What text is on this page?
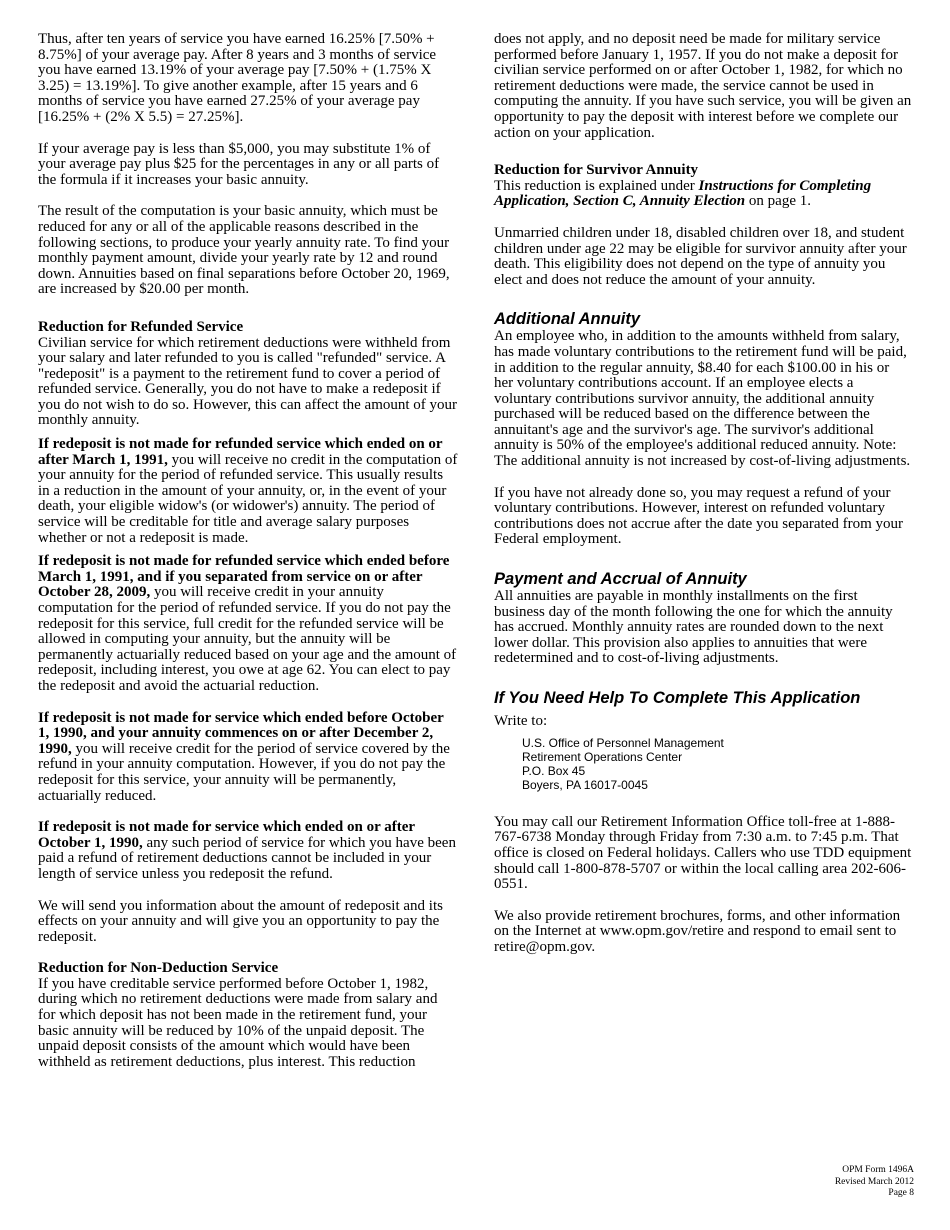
Thus, after ten years of service you have earned 16.25% [7.50% + 8.75%] of your average pay. After 8 years and 3 months of service you have earned 13.19% of your average pay [7.50% + (1.75% X 3.25) = 13.19%]. To give another example, after 15 years and 6 months of service you have earned 27.25% of your average pay [16.25% + (2% X 5.5) = 27.25%].

If your average pay is less than $5,000, you may substitute 1% of your average pay plus $25 for the percentages in any or all parts of the formula if it increases your basic annuity.

The result of the computation is your basic annuity, which must be reduced for any or all of the applicable reasons described in the following sections, to produce your yearly annuity rate. To find your monthly payment amount, divide your yearly rate by 12 and round down. Annuities based on final separations before October 20, 1969, are increased by $20.00 per month.

Reduction for Refunded Service

Civilian service for which retirement deductions were withheld from your salary and later refunded to you is called "refunded" service. A "redeposit" is a payment to the retirement fund to cover a period of refunded service. Generally, you do not have to make a redeposit if you do not wish to do so. However, this can affect the amount of your monthly annuity.

If redeposit is not made for refunded service which ended on or after March 1, 1991, you will receive no credit in the computation of your annuity for the period of refunded service. This usually results in a reduction in the amount of your annuity, or, in the event of your death, your eligible widow's (or widower's) annuity. The period of service will be creditable for title and average salary purposes whether or not a redeposit is made.

If redeposit is not made for refunded service which ended before March 1, 1991, and if you separated from service on or after October 28, 2009, you will receive credit in your annuity computation for the period of refunded service. If you do not pay the redeposit for this service, full credit for the refunded service will be allowed in computing your annuity, but the annuity will be permanently actuarially reduced based on your age and the amount of redeposit, including interest, you owe at age 62. You can elect to pay the redeposit and avoid the actuarial reduction.

If redeposit is not made for service which ended before October 1, 1990, and your annuity commences on or after December 2, 1990, you will receive credit for the period of service covered by the refund in your annuity computation. However, if you do not pay the redeposit for this service, your annuity will be permanently, actuarially reduced.

If redeposit is not made for service which ended on or after October 1, 1990, any such period of service for which you have been paid a refund of retirement deductions cannot be included in your length of service unless you redeposit the refund.

We will send you information about the amount of redeposit and its effects on your annuity and will give you an opportunity to pay the redeposit.

Reduction for Non-Deduction Service

If you have creditable service performed before October 1, 1982, during which no retirement deductions were made from salary and for which deposit has not been made in the retirement fund, your basic annuity will be reduced by 10% of the unpaid deposit. The unpaid deposit consists of the amount which would have been withheld as retirement deductions, plus interest. This reduction

does not apply, and no deposit need be made for military service performed before January 1, 1957. If you do not make a deposit for civilian service performed on or after October 1, 1982, for which no retirement deductions were made, the service cannot be used in computing the annuity. If you have such service, you will be given an opportunity to pay the deposit with interest before we complete our action on your application.

Reduction for Survivor Annuity

This reduction is explained under Instructions for Completing Application, Section C, Annuity Election on page 1.

Unmarried children under 18, disabled children over 18, and student children under age 22 may be eligible for survivor annuity after your death. This eligibility does not depend on the type of annuity you elect and does not reduce the amount of your annuity.

Additional Annuity

An employee who, in addition to the amounts withheld from salary, has made voluntary contributions to the retirement fund will be paid, in addition to the regular annuity, $8.40 for each $100.00 in his or her voluntary contributions account. If an employee elects a voluntary contributions survivor annuity, the additional annuity purchased will be reduced based on the difference between the annuitant's age and the survivor's age. The survivor's additional annuity is 50% of the employee's additional reduced annuity. Note: The additional annuity is not increased by cost-of-living adjustments.

If you have not already done so, you may request a refund of your voluntary contributions. However, interest on refunded voluntary contributions does not accrue after the date you separated from your Federal employment.

Payment and Accrual of Annuity

All annuities are payable in monthly installments on the first business day of the month following the one for which the annuity has accrued. Monthly annuity rates are rounded down to the next lower dollar. This provision also applies to annuities that were redetermined and to cost-of-living adjustments.

If You Need Help To Complete This Application

Write to:

U.S. Office of Personnel Management
Retirement Operations Center
P.O. Box 45
Boyers, PA 16017-0045

You may call our Retirement Information Office toll-free at 1-888-767-6738 Monday through Friday from 7:30 a.m. to 7:45 p.m. That office is closed on Federal holidays. Callers who use TDD equipment should call 1-800-878-5707 or within the local calling area 202-606-0551.

We also provide retirement brochures, forms, and other information on the Internet at www.opm.gov/retire and respond to email sent to retire@opm.gov.

OPM Form 1496A
Revised March 2012
Page 8
